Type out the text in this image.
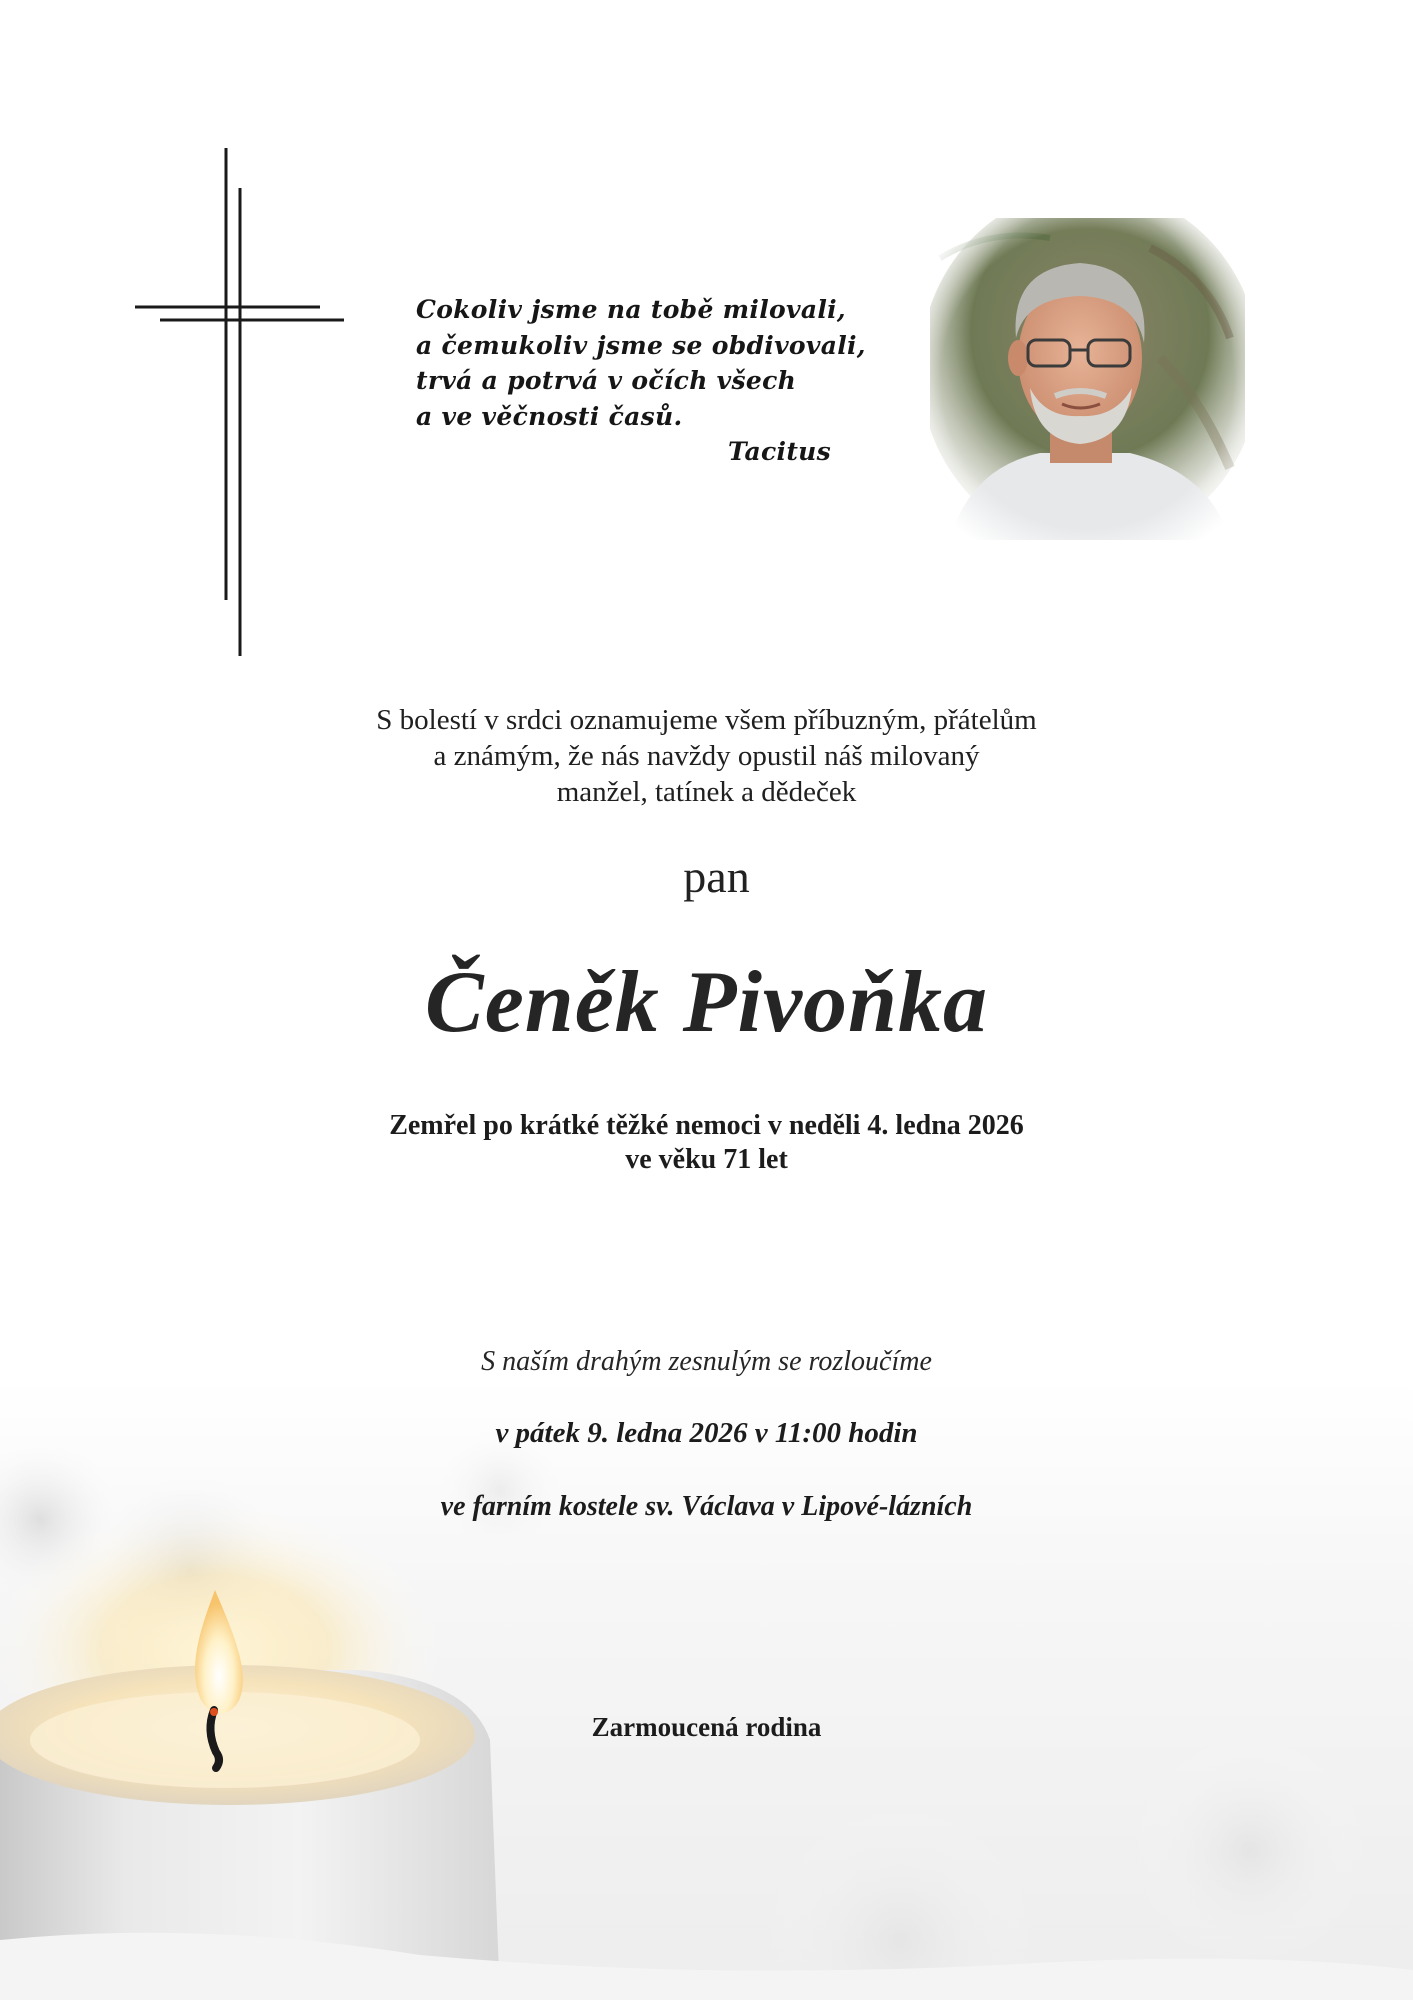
Cokoliv jsme na tobě milovali,
a čemukoliv jsme se obdivovali,
trvá a potrvá v očích všech
a ve věčnosti časů.
Tacitus
S bolestí v srdci oznamujeme všem příbuzným, přátelům
a známým, že nás navždy opustil náš milovaný
manžel, tatínek a dědeček
pan
Čeněk Pivoňka
Zemřel po krátké těžké nemoci v neděli 4. ledna 2026
ve věku 71 let
S naším drahým zesnulým se rozloučíme
v pátek 9. ledna 2026 v 11:00 hodin
ve farním kostele sv. Václava v Lipové-lázních
Zarmoucená rodina
